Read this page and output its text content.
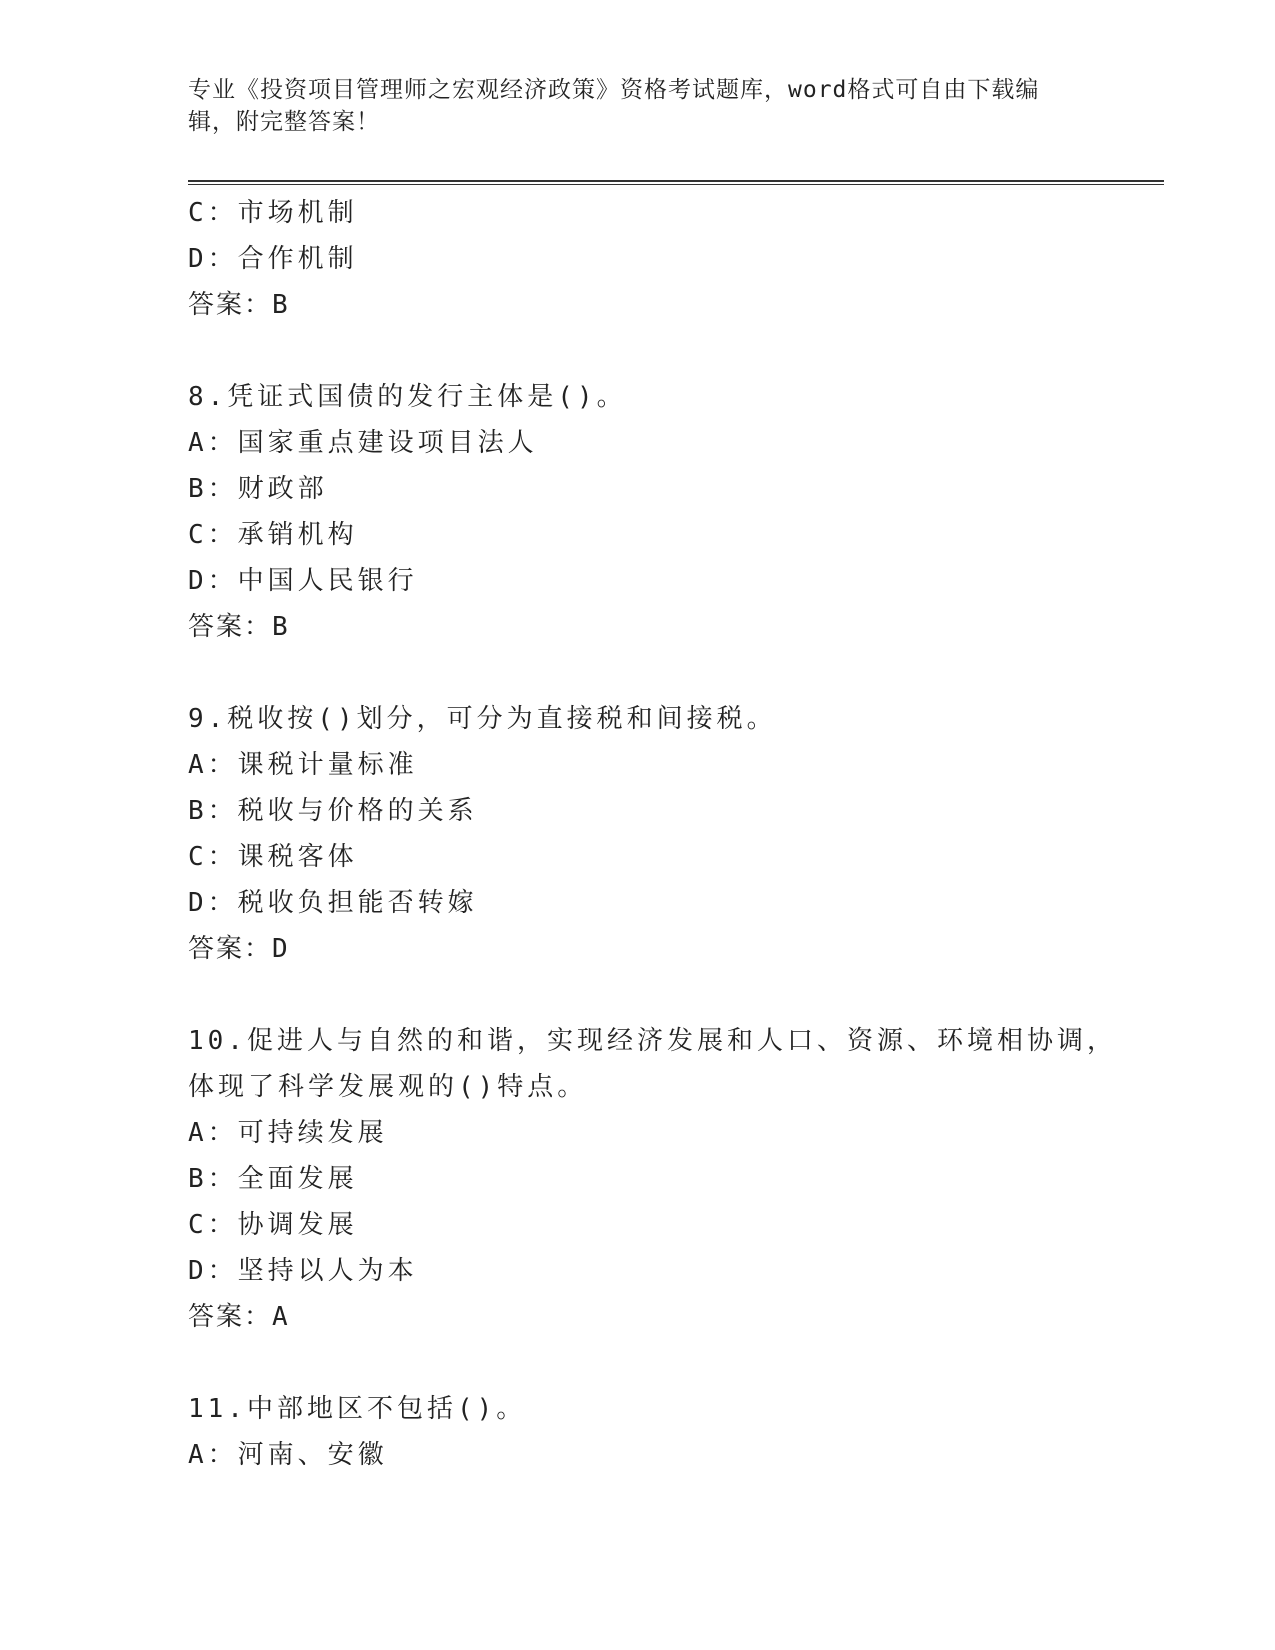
专业《投资项目管理师之宏观经济政策》资格考试题库，word格式可自由下载编
辑，附完整答案！
C：市场机制
D：合作机制
答案：B
8.凭证式国债的发行主体是()。
A：国家重点建设项目法人
B：财政部
C：承销机构
D：中国人民银行
答案：B
9.税收按()划分，可分为直接税和间接税。
A：课税计量标准
B：税收与价格的关系
C：课税客体
D：税收负担能否转嫁
答案：D
10.促进人与自然的和谐，实现经济发展和人口、资源、环境相协调，
体现了科学发展观的()特点。
A：可持续发展
B：全面发展
C：协调发展
D：坚持以人为本
答案：A
11.中部地区不包括()。
A：河南、安徽
